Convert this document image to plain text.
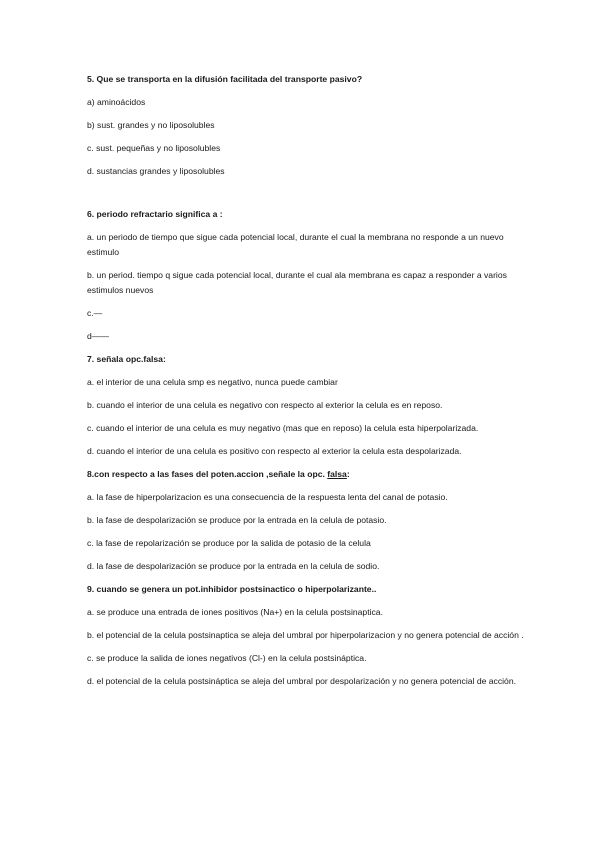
5. Que se transporta en la difusión facilitada del transporte pasivo?

a) aminoácidos

b) sust. grandes y no liposolubles

c. sust. pequeñas y no liposolubles

d. sustancias grandes y liposolubles

6. periodo refractario significa a :

a. un periodo de tiempo que sigue cada potencial local, durante el cual la membrana no responde a un nuevo estimulo

b. un period. tiempo q sigue cada potencial local, durante el cual ala membrana es capaz a responder a varios estimulos nuevos

c.—

d——

7. señala opc.falsa:

a. el interior de una celula smp es negativo, nunca puede cambiar

b. cuando el interior de una celula es negativo con respecto al exterior la celula es en reposo.

c. cuando el interior de una celula es muy negativo (mas que en reposo) la celula esta hiperpolarizada.

d. cuando el interior de una celula es positivo con respecto al exterior la celula esta despolarizada.

8.con respecto a las fases del poten.accion ,señale la opc. falsa:

a. la fase de hiperpolarizacion es una consecuencia de la respuesta lenta del canal de potasio.

b. la fase de despolarización se produce por la entrada en la celula de potasio.

c. la fase de repolarización se produce por la salida de potasio de la celula

d. la fase de despolarización se produce por la entrada en la celula de sodio.

9. cuando se genera un pot.inhibidor postsinactico o hiperpolarizante..

a. se produce una entrada de iones positivos (Na+) en la celula postsinaptica.

b. el potencial de la celula postsinaptica se aleja del umbral por hiperpolarizacion y no genera potencial de acción .

c. se produce la salida de iones negativos (Cl-) en la celula postsináptica.

d. el potencial de la celula postsináptica se aleja del umbral por despolarización y no genera potencial de acción.
